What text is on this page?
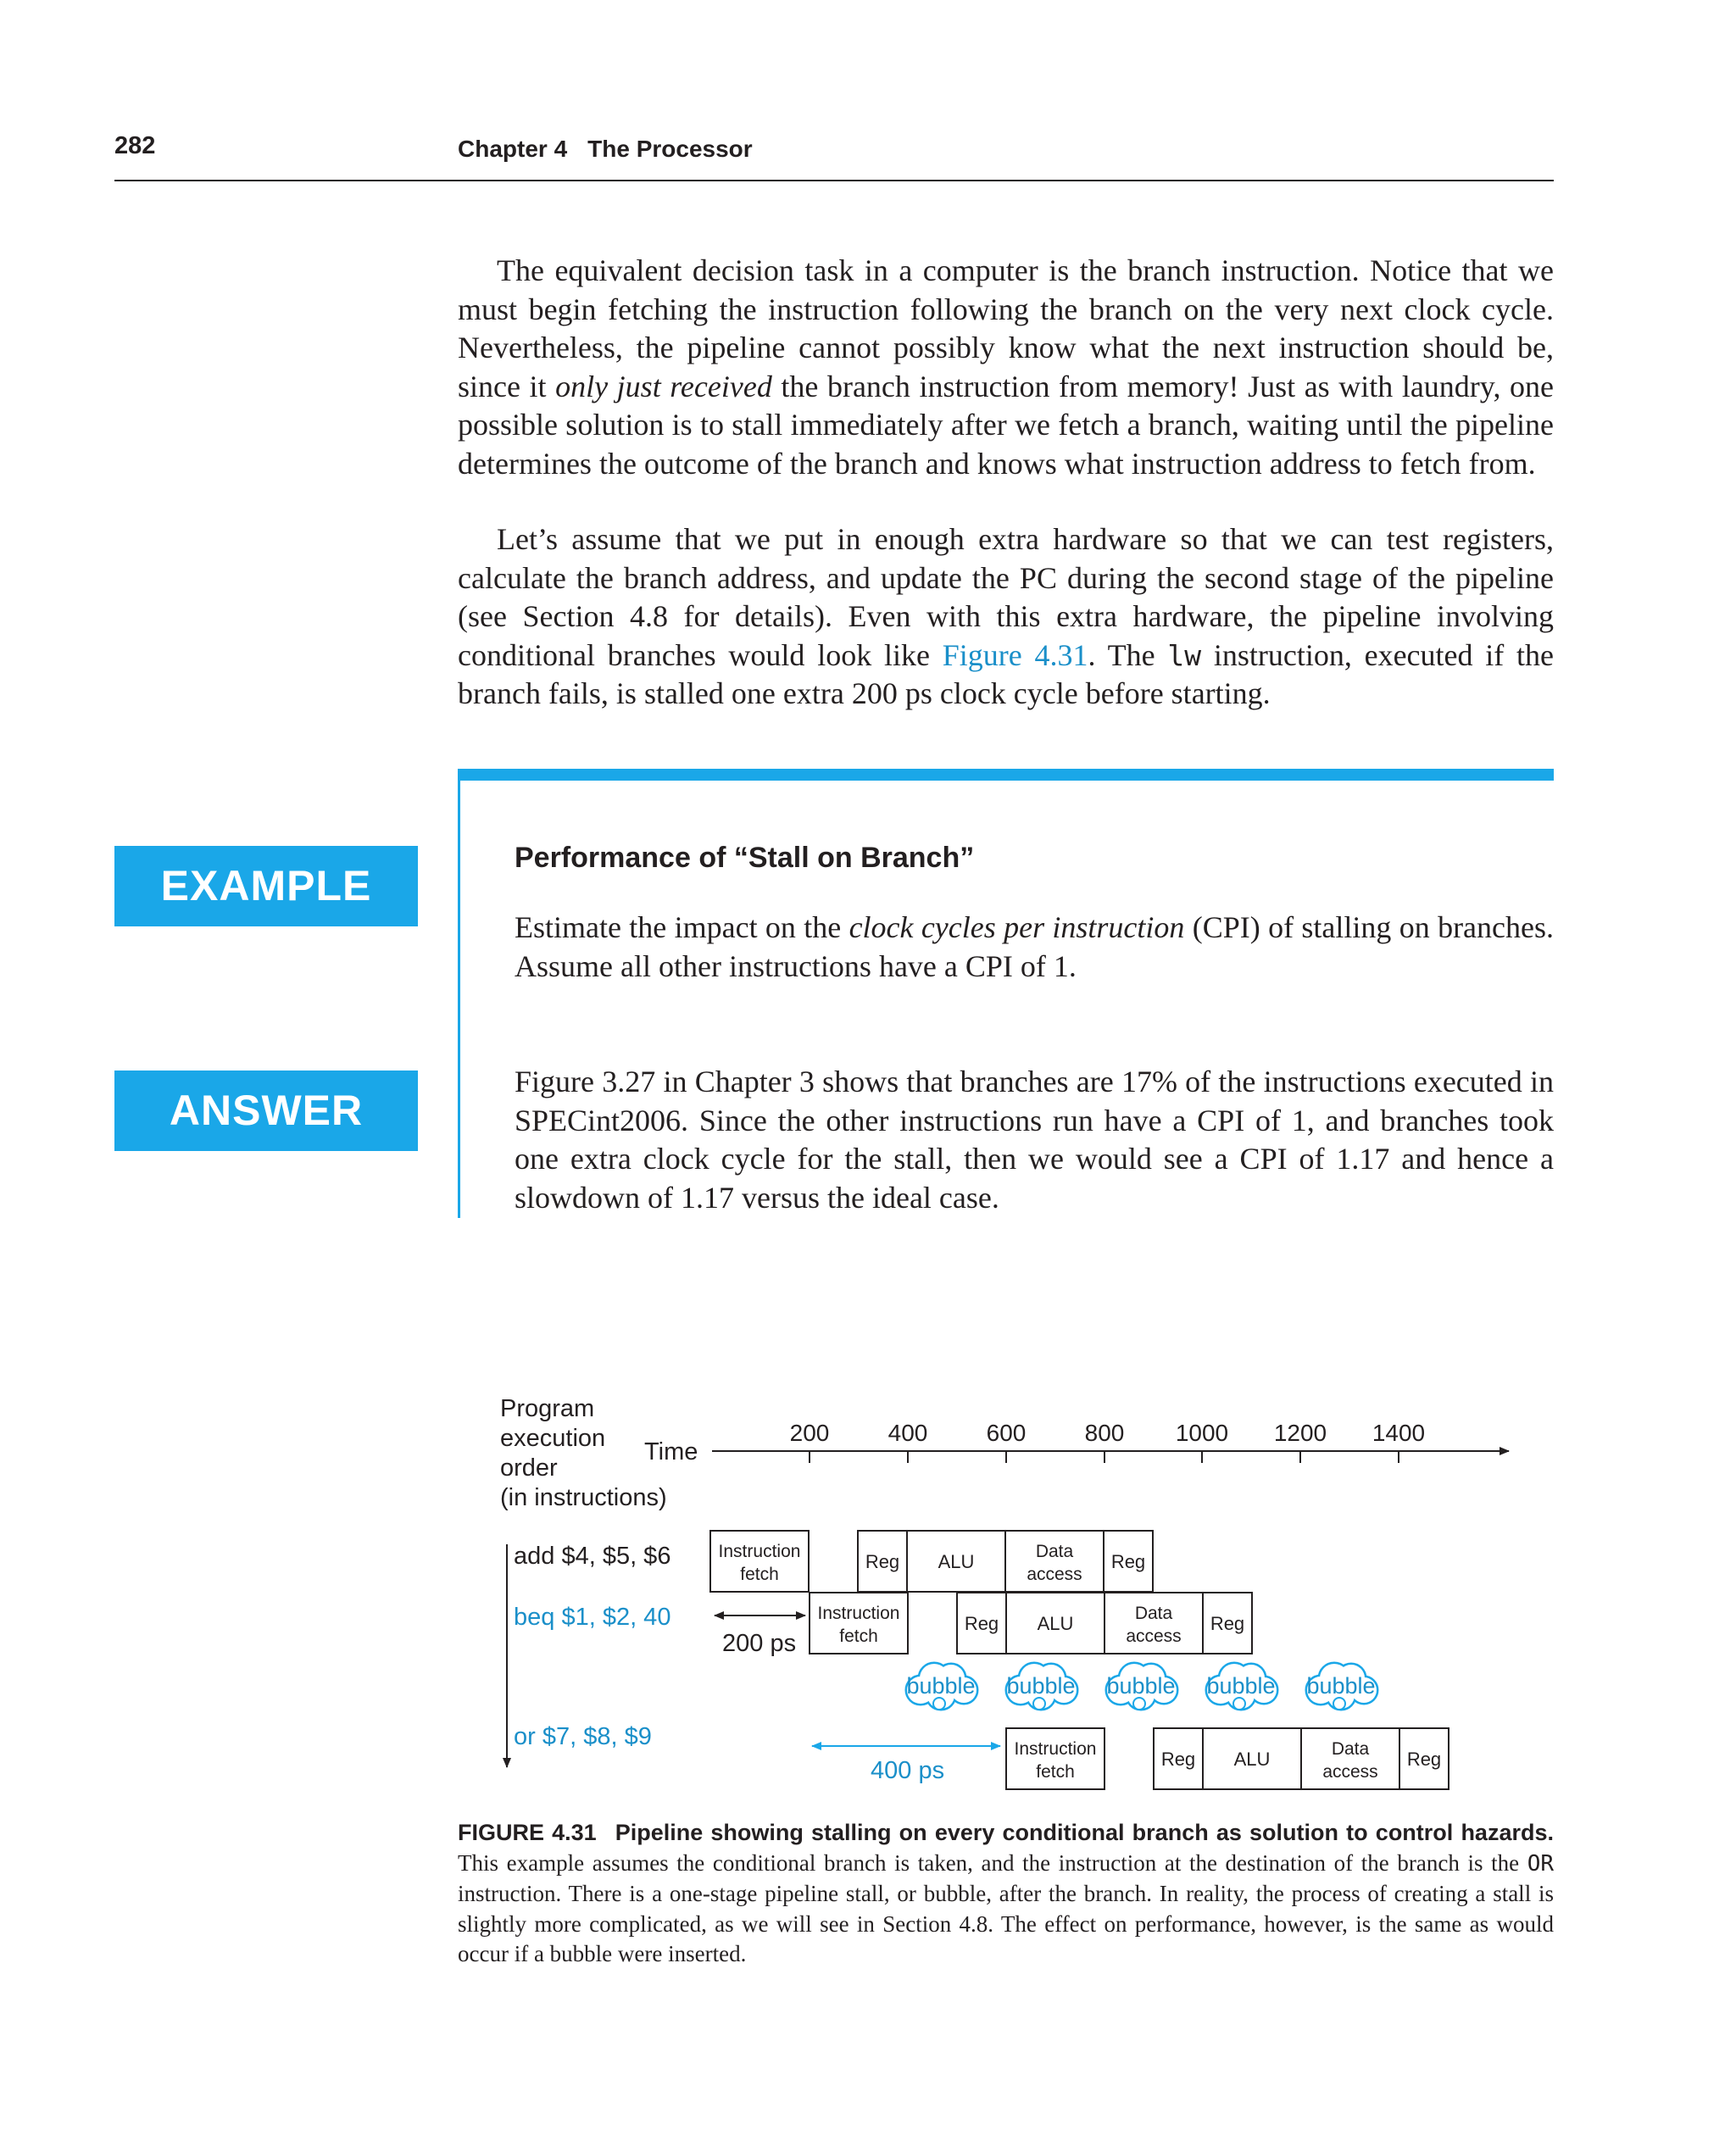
282	Chapter 4 The Processor

The equivalent decision task in a computer is the branch instruction. Notice that we must begin fetching the instruction following the branch on the very next clock cycle. Nevertheless, the pipeline cannot possibly know what the next instruction should be, since it only just received the branch instruction from memory! Just as with laundry, one possible solution is to stall immediately after we fetch a branch, waiting until the pipeline determines the outcome of the branch and knows what instruction address to fetch from.

Let’s assume that we put in enough extra hardware so that we can test registers, calculate the branch address, and update the PC during the second stage of the pipeline (see Section 4.8 for details). Even with this extra hardware, the pipeline involving conditional branches would look like Figure 4.31. The lw instruction, executed if the branch fails, is stalled one extra 200 ps clock cycle before starting.

EXAMPLE
Performance of “Stall on Branch”

Estimate the impact on the clock cycles per instruction (CPI) of stalling on branches. Assume all other instructions have a CPI of 1.

ANSWER

Figure 3.27 in Chapter 3 shows that branches are 17% of the instructions executed in SPECint2006. Since the other instructions run have a CPI of 1, and branches took one extra clock cycle for the stall, then we would see a CPI of 1.17 and hence a slowdown of 1.17 versus the ideal case.

Program
execution
order
(in instructions)
Time
200 400 600 800 1000 1200 1400
add $4, $5, $6
beq $1, $2, 40
or $7, $8, $9
Instruction
fetch
Reg ALU	Data
access
Reg
Instruction
fetch
Reg ALU	Data
access
Reg
Instruction
fetch
Reg ALU	Data
access
Reg
bubble bubble bubble bubble bubble
200 ps
400 ps

FIGURE 4.31 Pipeline showing stalling on every conditional branch as solution to control hazards. This example assumes the conditional branch is taken, and the instruction at the destination of the branch is the OR instruction. There is a one-stage pipeline stall, or bubble, after the branch. In reality, the process of creating a stall is slightly more complicated, as we will see in Section 4.8. The effect on performance, however, is the same as would occur if a bubble were inserted.
